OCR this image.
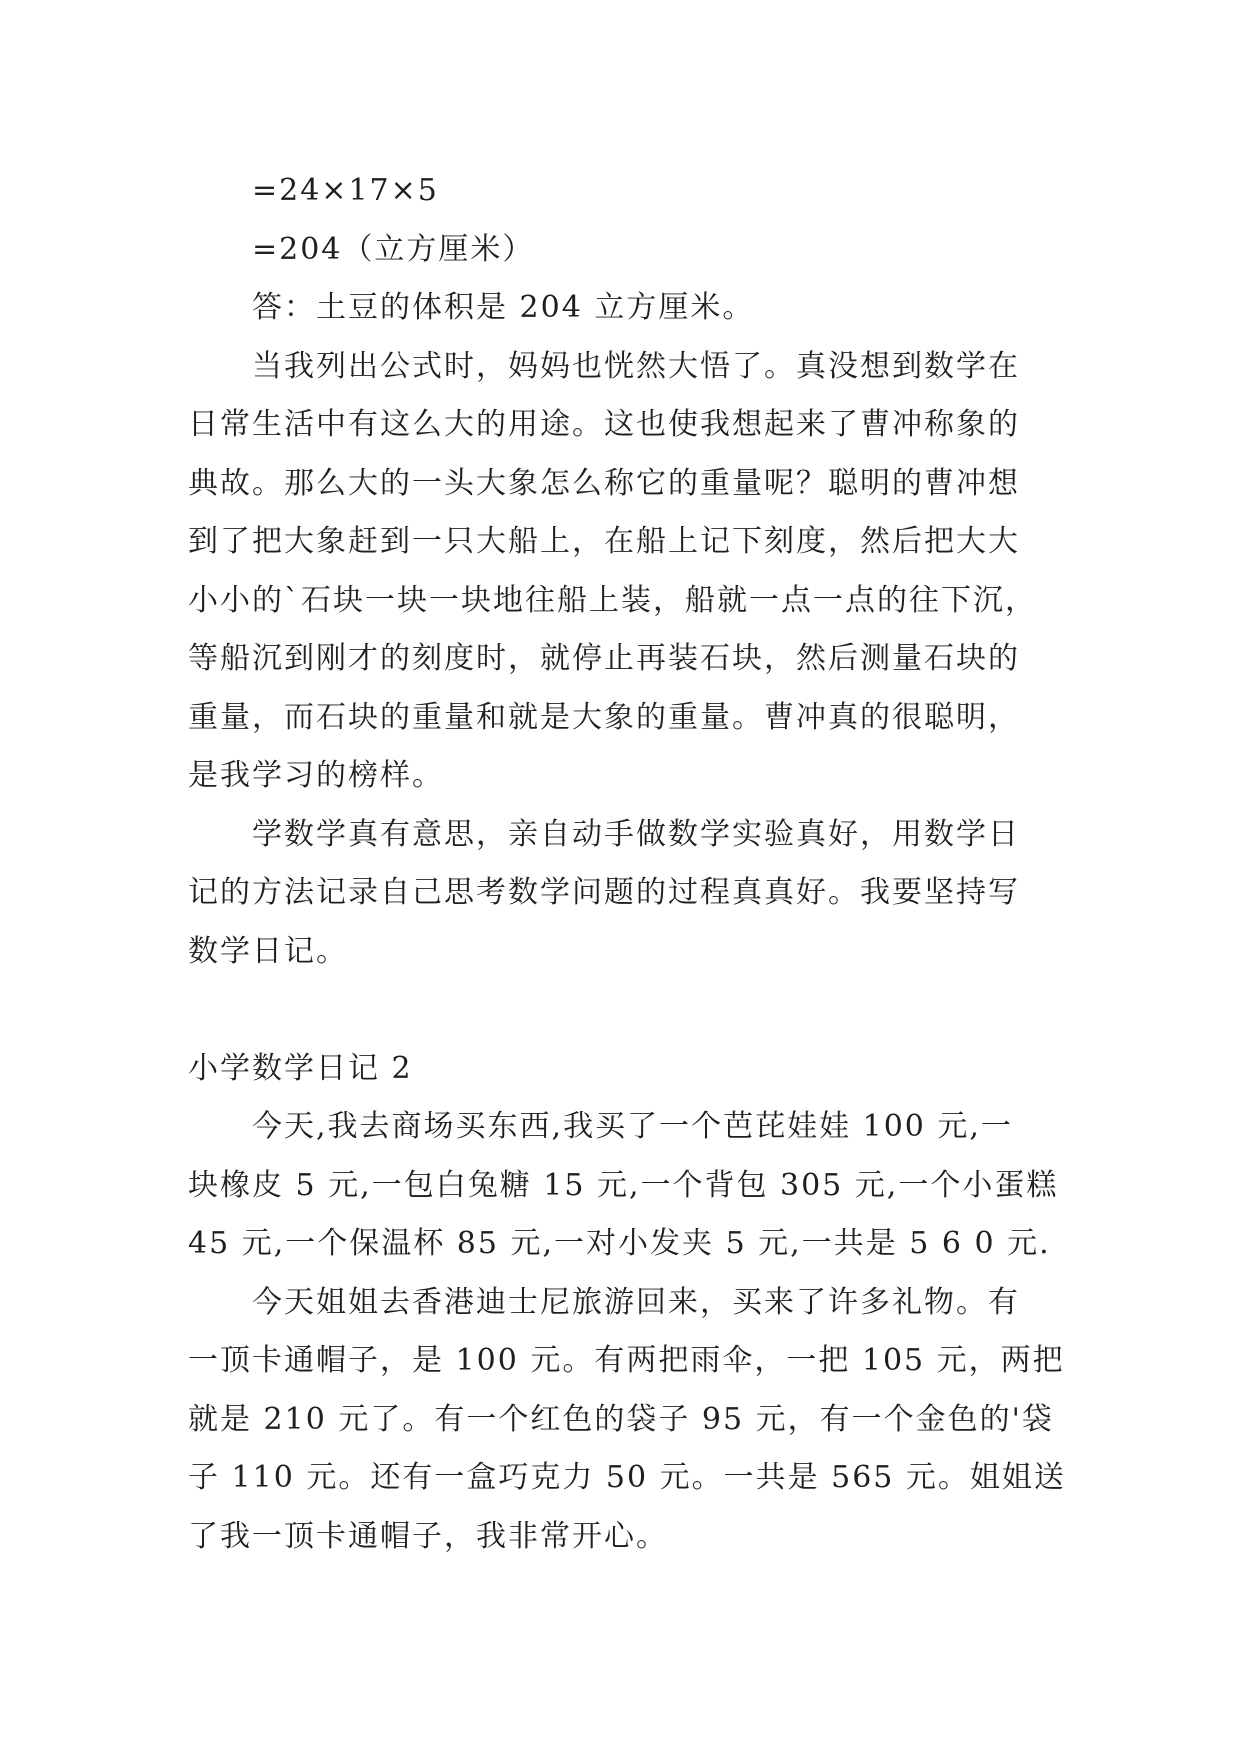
=24×17×5
=204（立方厘米）
答：土豆的体积是 204 立方厘米。
当我列出公式时，妈妈也恍然大悟了。真没想到数学在
日常生活中有这么大的用途。这也使我想起来了曹冲称象的
典故。那么大的一头大象怎么称它的重量呢？聪明的曹冲想
到了把大象赶到一只大船上，在船上记下刻度，然后把大大
小小的`石块一块一块地往船上装，船就一点一点的往下沉，
等船沉到刚才的刻度时，就停止再装石块，然后测量石块的
重量，而石块的重量和就是大象的重量。曹冲真的很聪明，
是我学习的榜样。
学数学真有意思，亲自动手做数学实验真好，用数学日
记的方法记录自己思考数学问题的过程真真好。我要坚持写
数学日记。
小学数学日记 2
今天,我去商场买东西,我买了一个芭芘娃娃 100 元,一
块橡皮 5 元,一包白兔糖 15 元,一个背包 305 元,一个小蛋糕
45 元,一个保温杯 85 元,一对小发夹 5 元,一共是 5 6 0 元.
今天姐姐去香港迪士尼旅游回来，买来了许多礼物。有
一顶卡通帽子，是 100 元。有两把雨伞，一把 105 元，两把
就是 210 元了。有一个红色的袋子 95 元，有一个金色的'袋
子 110 元。还有一盒巧克力 50 元。一共是 565 元。姐姐送
了我一顶卡通帽子，我非常开心。
